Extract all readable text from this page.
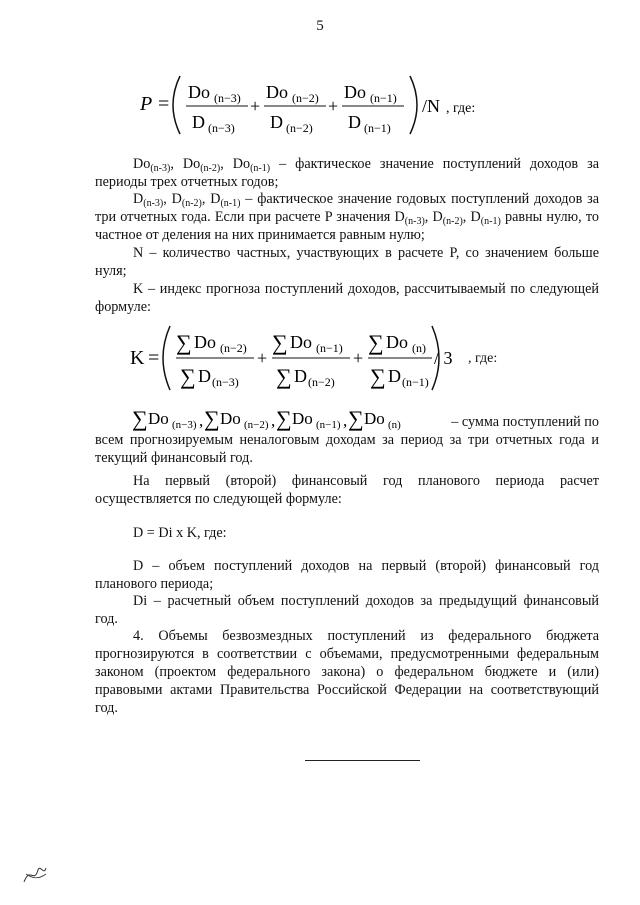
5
P =
Do (n−3)
D (n−3)
+
Do (n−2)
D (n−2)
+
Do (n−1)
D (n−1)
/N , где:
$Do_{(n-3)}$, $Do_{(n-2)}$, $Do_{(n-1)}$ – фактическое значение поступлений доходов за периоды трех отчетных годов;
$D_{(n-3)}$, $D_{(n-2)}$, $D_{(n-1)}$ – фактическое значение годовых поступлений доходов за три отчетных года. Если при расчете P значения $D_{(n-3)}$, $D_{(n-2)}$, $D_{(n-1)}$ равны нулю, то частное от деления на них принимается равным нулю;
N – количество частных, участвующих в расчете P, со значением больше нуля;
K – индекс прогноза поступлений доходов, рассчитываемый по следующей формуле:
K =
∑ Do (n−2)
∑ D (n−3)
+
∑ Do (n−1)
∑ D (n−2)
+
∑ Do (n)
∑ D (n−1)
/ 3 , где:
∑ Do (n−3) , ∑ Do (n−2) , ∑ Do (n−1) , ∑ Do (n)	– сумма поступлений по
всем прогнозируемым неналоговым доходам за период за три отчетных года и текущий финансовый год.
На первый (второй) финансовый год планового периода расчет осуществляется по следующей формуле:
D = Di x K, где:
D – объем поступлений доходов на первый (второй) финансовый год планового периода;
Di – расчетный объем поступлений доходов за предыдущий финансовый год.
4. Объемы безвозмездных поступлений из федерального бюджета прогнозируются в соответствии с объемами, предусмотренными федеральным законом (проектом федерального закона) о федеральном бюджете и (или) правовыми актами Правительства Российской Федерации на соответствующий год.
